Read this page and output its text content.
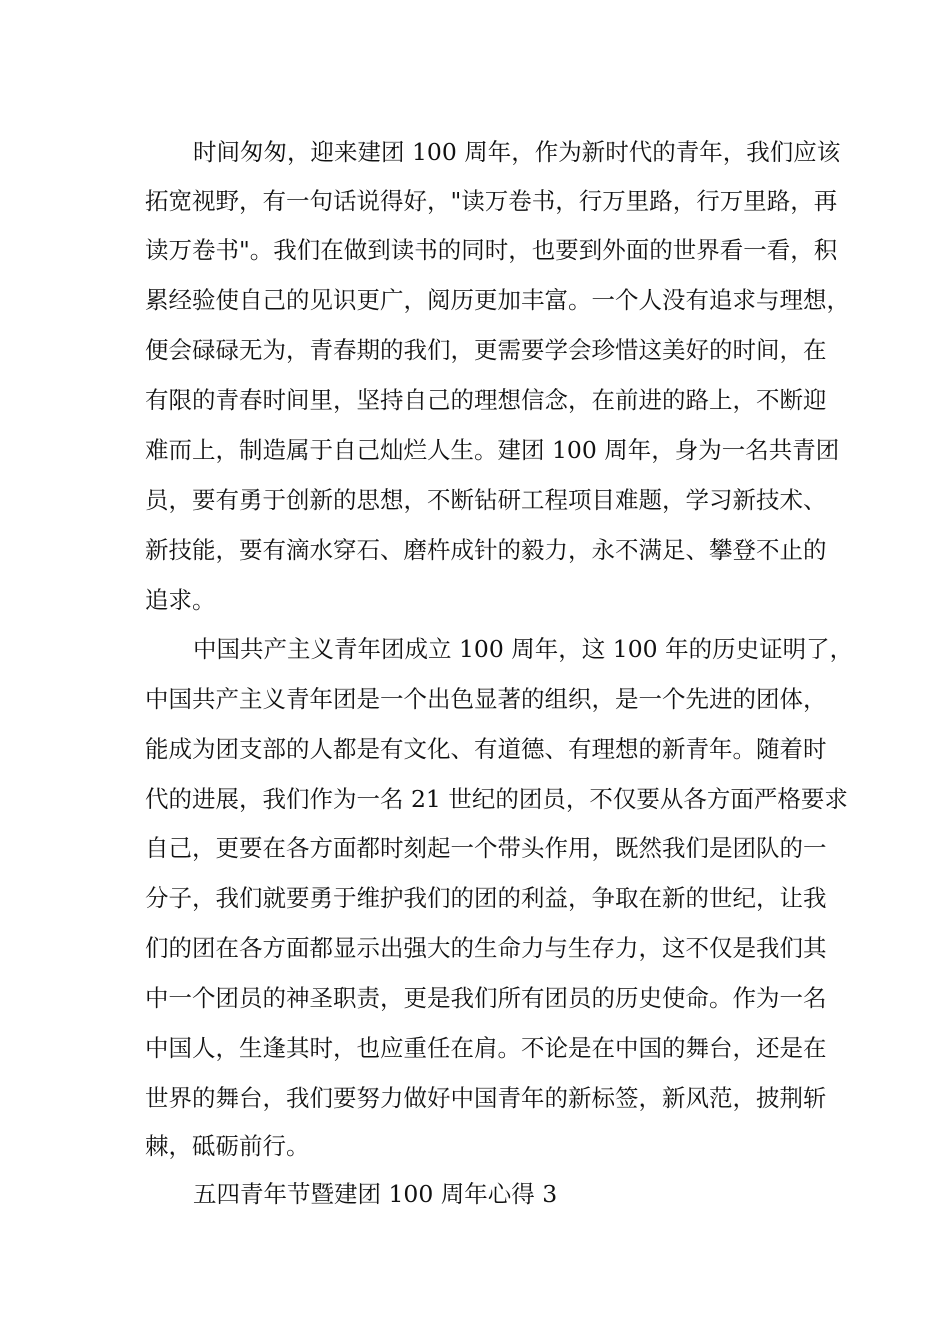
时间匆匆，迎来建团 100 周年，作为新时代的青年，我们应该
拓宽视野，有一句话说得好，"读万卷书，行万里路，行万里路，再
读万卷书"。我们在做到读书的同时，也要到外面的世界看一看，积
累经验使自己的见识更广，阅历更加丰富。一个人没有追求与理想，
便会碌碌无为，青春期的我们，更需要学会珍惜这美好的时间，在
有限的青春时间里，坚持自己的理想信念，在前进的路上，不断迎
难而上，制造属于自己灿烂人生。建团 100 周年，身为一名共青团
员，要有勇于创新的思想，不断钻研工程项目难题，学习新技术、
新技能，要有滴水穿石、磨杵成针的毅力，永不满足、攀登不止的
追求。
中国共产主义青年团成立 100 周年，这 100 年的历史证明了，
中国共产主义青年团是一个出色显著的组织，是一个先进的团体，
能成为团支部的人都是有文化、有道德、有理想的新青年。随着时
代的进展，我们作为一名 21 世纪的团员，不仅要从各方面严格要求
自己，更要在各方面都时刻起一个带头作用，既然我们是团队的一
分子，我们就要勇于维护我们的团的利益，争取在新的世纪，让我
们的团在各方面都显示出强大的生命力与生存力，这不仅是我们其
中一个团员的神圣职责，更是我们所有团员的历史使命。作为一名
中国人，生逢其时，也应重任在肩。不论是在中国的舞台，还是在
世界的舞台，我们要努力做好中国青年的新标签，新风范，披荆斩
棘，砥砺前行。
五四青年节暨建团 100 周年心得 3
